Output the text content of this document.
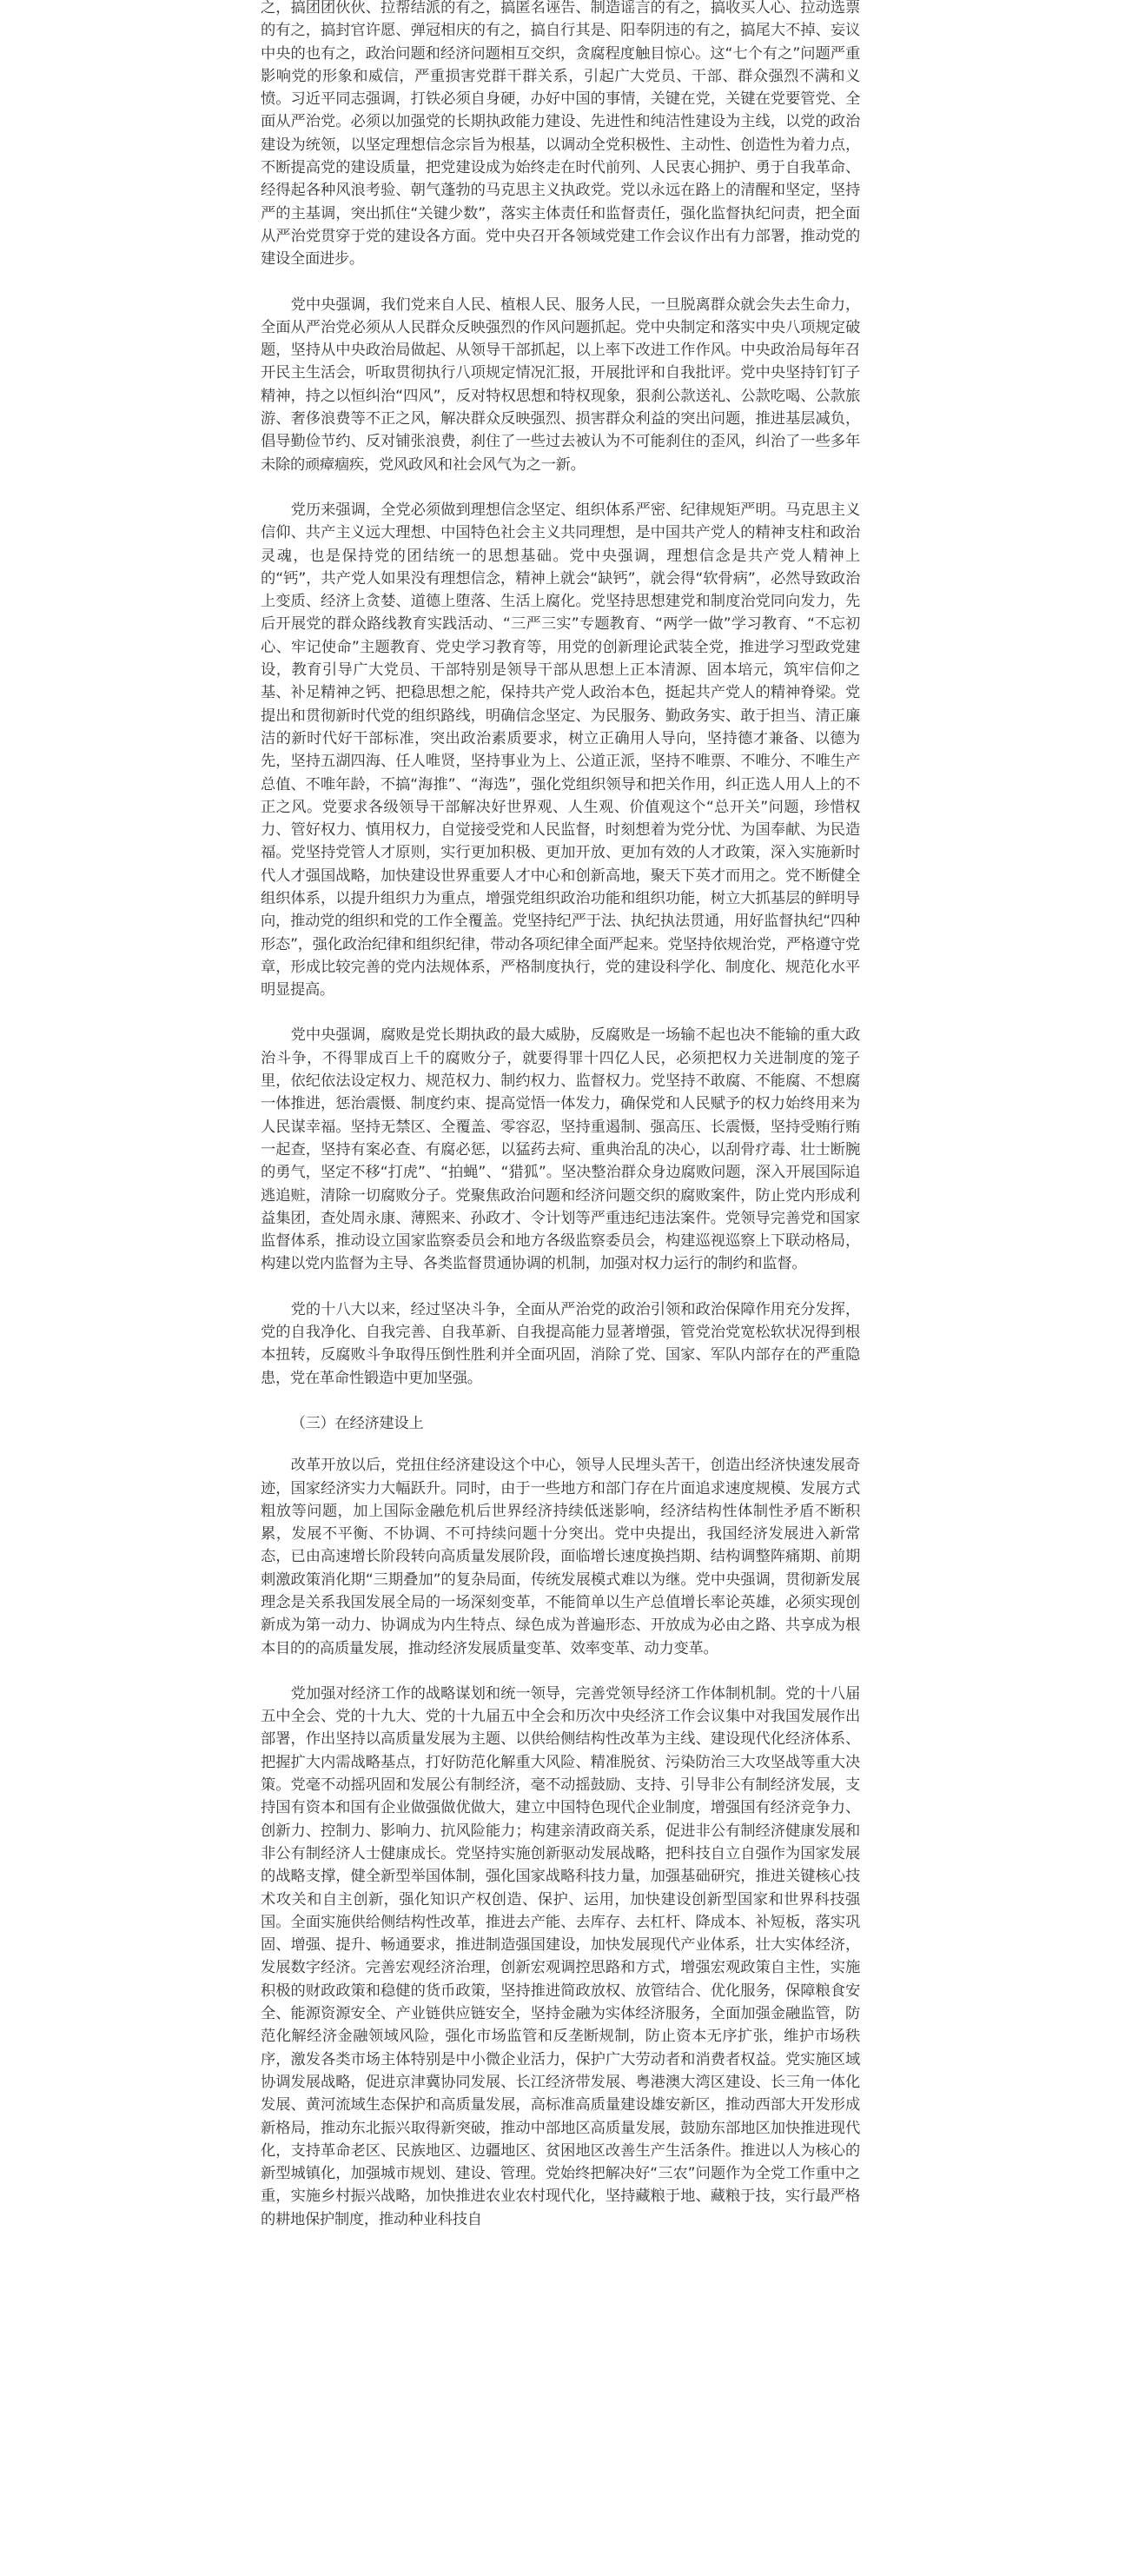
之，搞团团伙伙、拉帮结派的有之，搞匿名诬告、制造谣言的有之，搞收买人心、拉动选票的有之，搞封官许愿、弹冠相庆的有之，搞自行其是、阳奉阴违的有之，搞尾大不掉、妄议中央的也有之，政治问题和经济问题相互交织，贪腐程度触目惊心。这“七个有之”问题严重影响党的形象和威信，严重损害党群干群关系，引起广大党员、干部、群众强烈不满和义愤。习近平同志强调，打铁必须自身硬，办好中国的事情，关键在党，关键在党要管党、全面从严治党。必须以加强党的长期执政能力建设、先进性和纯洁性建设为主线，以党的政治建设为统领，以坚定理想信念宗旨为根基，以调动全党积极性、主动性、创造性为着力点，不断提高党的建设质量，把党建设成为始终走在时代前列、人民衷心拥护、勇于自我革命、经得起各种风浪考验、朝气蓬勃的马克思主义执政党。党以永远在路上的清醒和坚定，坚持严的主基调，突出抓住“关键少数”，落实主体责任和监督责任，强化监督执纪问责，把全面从严治党贯穿于党的建设各方面。党中央召开各领域党建工作会议作出有力部署，推动党的建设全面进步。

党中央强调，我们党来自人民、植根人民、服务人民，一旦脱离群众就会失去生命力，全面从严治党必须从人民群众反映强烈的作风问题抓起。党中央制定和落实中央八项规定破题，坚持从中央政治局做起、从领导干部抓起，以上率下改进工作作风。中央政治局每年召开民主生活会，听取贯彻执行八项规定情况汇报，开展批评和自我批评。党中央坚持钉钉子精神，持之以恒纠治“四风”，反对特权思想和特权现象，狠刹公款送礼、公款吃喝、公款旅游、奢侈浪费等不正之风，解决群众反映强烈、损害群众利益的突出问题，推进基层减负，倡导勤俭节约、反对铺张浪费，刹住了一些过去被认为不可能刹住的歪风，纠治了一些多年未除的顽瘴痼疾，党风政风和社会风气为之一新。

党历来强调，全党必须做到理想信念坚定、组织体系严密、纪律规矩严明。马克思主义信仰、共产主义远大理想、中国特色社会主义共同理想，是中国共产党人的精神支柱和政治灵魂，也是保持党的团结统一的思想基础。党中央强调，理想信念是共产党人精神上的“钙”，共产党人如果没有理想信念，精神上就会“缺钙”，就会得“软骨病”，必然导致政治上变质、经济上贪婪、道德上堕落、生活上腐化。党坚持思想建党和制度治党同向发力，先后开展党的群众路线教育实践活动、“三严三实”专题教育、“两学一做”学习教育、“不忘初心、牢记使命”主题教育、党史学习教育等，用党的创新理论武装全党，推进学习型政党建设，教育引导广大党员、干部特别是领导干部从思想上正本清源、固本培元，筑牢信仰之基、补足精神之钙、把稳思想之舵，保持共产党人政治本色，挺起共产党人的精神脊梁。党提出和贯彻新时代党的组织路线，明确信念坚定、为民服务、勤政务实、敢于担当、清正廉洁的新时代好干部标准，突出政治素质要求，树立正确用人导向，坚持德才兼备、以德为先，坚持五湖四海、任人唯贤，坚持事业为上、公道正派，坚持不唯票、不唯分、不唯生产总值、不唯年龄，不搞“海推”、“海选”，强化党组织领导和把关作用，纠正选人用人上的不正之风。党要求各级领导干部解决好世界观、人生观、价值观这个“总开关”问题，珍惜权力、管好权力、慎用权力，自觉接受党和人民监督，时刻想着为党分忧、为国奉献、为民造福。党坚持党管人才原则，实行更加积极、更加开放、更加有效的人才政策，深入实施新时代人才强国战略，加快建设世界重要人才中心和创新高地，聚天下英才而用之。党不断健全组织体系，以提升组织力为重点，增强党组织政治功能和组织功能，树立大抓基层的鲜明导向，推动党的组织和党的工作全覆盖。党坚持纪严于法、执纪执法贯通，用好监督执纪“四种形态”，强化政治纪律和组织纪律，带动各项纪律全面严起来。党坚持依规治党，严格遵守党章，形成比较完善的党内法规体系，严格制度执行，党的建设科学化、制度化、规范化水平明显提高。

党中央强调，腐败是党长期执政的最大威胁，反腐败是一场输不起也决不能输的重大政治斗争，不得罪成百上千的腐败分子，就要得罪十四亿人民，必须把权力关进制度的笼子里，依纪依法设定权力、规范权力、制约权力、监督权力。党坚持不敢腐、不能腐、不想腐一体推进，惩治震慑、制度约束、提高觉悟一体发力，确保党和人民赋予的权力始终用来为人民谋幸福。坚持无禁区、全覆盖、零容忍，坚持重遏制、强高压、长震慑，坚持受贿行贿一起查，坚持有案必查、有腐必惩，以猛药去疴、重典治乱的决心，以刮骨疗毒、壮士断腕的勇气，坚定不移“打虎”、“拍蝇”、“猎狐”。坚决整治群众身边腐败问题，深入开展国际追逃追赃，清除一切腐败分子。党聚焦政治问题和经济问题交织的腐败案件，防止党内形成利益集团，查处周永康、薄熙来、孙政才、令计划等严重违纪违法案件。党领导完善党和国家监督体系，推动设立国家监察委员会和地方各级监察委员会，构建巡视巡察上下联动格局，构建以党内监督为主导、各类监督贯通协调的机制，加强对权力运行的制约和监督。

党的十八大以来，经过坚决斗争，全面从严治党的政治引领和政治保障作用充分发挥，党的自我净化、自我完善、自我革新、自我提高能力显著增强，管党治党宽松软状况得到根本扭转，反腐败斗争取得压倒性胜利并全面巩固，消除了党、国家、军队内部存在的严重隐患，党在革命性锻造中更加坚强。

（三）在经济建设上

改革开放以后，党扭住经济建设这个中心，领导人民埋头苦干，创造出经济快速发展奇迹，国家经济实力大幅跃升。同时，由于一些地方和部门存在片面追求速度规模、发展方式粗放等问题，加上国际金融危机后世界经济持续低迷影响，经济结构性体制性矛盾不断积累，发展不平衡、不协调、不可持续问题十分突出。党中央提出，我国经济发展进入新常态，已由高速增长阶段转向高质量发展阶段，面临增长速度换挡期、结构调整阵痛期、前期刺激政策消化期“三期叠加”的复杂局面，传统发展模式难以为继。党中央强调，贯彻新发展理念是关系我国发展全局的一场深刻变革，不能简单以生产总值增长率论英雄，必须实现创新成为第一动力、协调成为内生特点、绿色成为普遍形态、开放成为必由之路、共享成为根本目的的高质量发展，推动经济发展质量变革、效率变革、动力变革。

党加强对经济工作的战略谋划和统一领导，完善党领导经济工作体制机制。党的十八届五中全会、党的十九大、党的十九届五中全会和历次中央经济工作会议集中对我国发展作出部署，作出坚持以高质量发展为主题、以供给侧结构性改革为主线、建设现代化经济体系、把握扩大内需战略基点，打好防范化解重大风险、精准脱贫、污染防治三大攻坚战等重大决策。党毫不动摇巩固和发展公有制经济，毫不动摇鼓励、支持、引导非公有制经济发展，支持国有资本和国有企业做强做优做大，建立中国特色现代企业制度，增强国有经济竞争力、创新力、控制力、影响力、抗风险能力；构建亲清政商关系，促进非公有制经济健康发展和非公有制经济人士健康成长。党坚持实施创新驱动发展战略，把科技自立自强作为国家发展的战略支撑，健全新型举国体制，强化国家战略科技力量，加强基础研究，推进关键核心技术攻关和自主创新，强化知识产权创造、保护、运用，加快建设创新型国家和世界科技强国。全面实施供给侧结构性改革，推进去产能、去库存、去杠杆、降成本、补短板，落实巩固、增强、提升、畅通要求，推进制造强国建设，加快发展现代产业体系，壮大实体经济，发展数字经济。完善宏观经济治理，创新宏观调控思路和方式，增强宏观政策自主性，实施积极的财政政策和稳健的货币政策，坚持推进简政放权、放管结合、优化服务，保障粮食安全、能源资源安全、产业链供应链安全，坚持金融为实体经济服务，全面加强金融监管，防范化解经济金融领域风险，强化市场监管和反垄断规制，防止资本无序扩张，维护市场秩序，激发各类市场主体特别是中小微企业活力，保护广大劳动者和消费者权益。党实施区域协调发展战略，促进京津冀协同发展、长江经济带发展、粤港澳大湾区建设、长三角一体化发展、黄河流域生态保护和高质量发展，高标准高质量建设雄安新区，推动西部大开发形成新格局，推动东北振兴取得新突破，推动中部地区高质量发展，鼓励东部地区加快推进现代化，支持革命老区、民族地区、边疆地区、贫困地区改善生产生活条件。推进以人为核心的新型城镇化，加强城市规划、建设、管理。党始终把解决好“三农”问题作为全党工作重中之重，实施乡村振兴战略，加快推进农业农村现代化，坚持藏粮于地、藏粮于技，实行最严格的耕地保护制度，推动种业科技自
